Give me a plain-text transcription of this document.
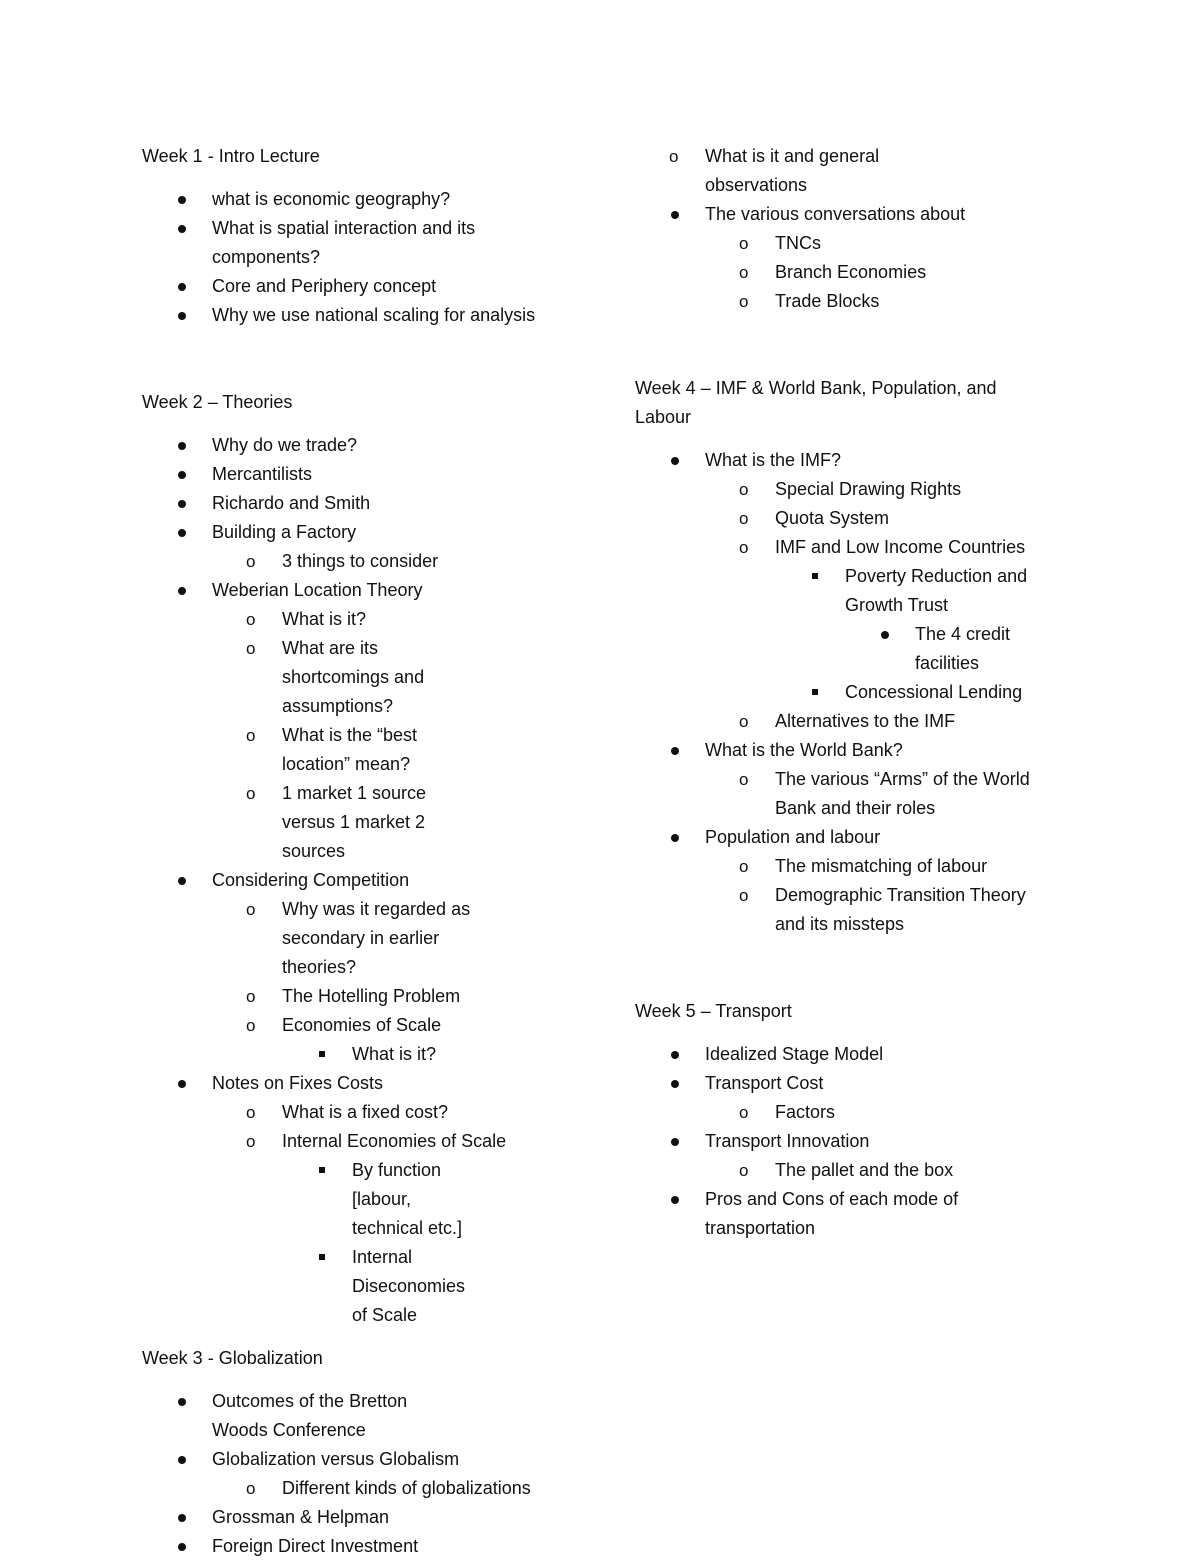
Week 1 - Intro Lecture

what is economic geography?
What is spatial interaction and its components?
Core and Periphery concept
Why we use national scaling for analysis

Week 2 – Theories

Why do we trade?
Mercantilists
Richardo and Smith
Building a Factory
3 things to consider
Weberian Location Theory
What is it?
What are its shortcomings and assumptions?
What is the “best location” mean?
1 market 1 source versus 1 market 2 sources
Considering Competition
Why was it regarded as secondary in earlier theories?
The Hotelling Problem
Economies of Scale
What is it?
Notes on Fixes Costs
What is a fixed cost?
Internal Economies of Scale
By function [labour, technical etc.]
Internal Diseconomies of Scale

Week 3 - Globalization

Outcomes of the Bretton Woods Conference
Globalization versus Globalism
Different kinds of globalizations
Grossman & Helpman
Foreign Direct Investment
What is it and general observations
The various conversations about
TNCs
Branch Economies
Trade Blocks

Week 4 – IMF & World Bank, Population, and Labour

What is the IMF?
Special Drawing Rights
Quota System
IMF and Low Income Countries
Poverty Reduction and Growth Trust
The 4 credit facilities
Concessional Lending
Alternatives to the IMF
What is the World Bank?
The various “Arms” of the World Bank and their roles
Population and labour
The mismatching of labour
Demographic Transition Theory and its missteps

Week 5 – Transport

Idealized Stage Model
Transport Cost
Factors
Transport Innovation
The pallet and the box
Pros and Cons of each mode of transportation
